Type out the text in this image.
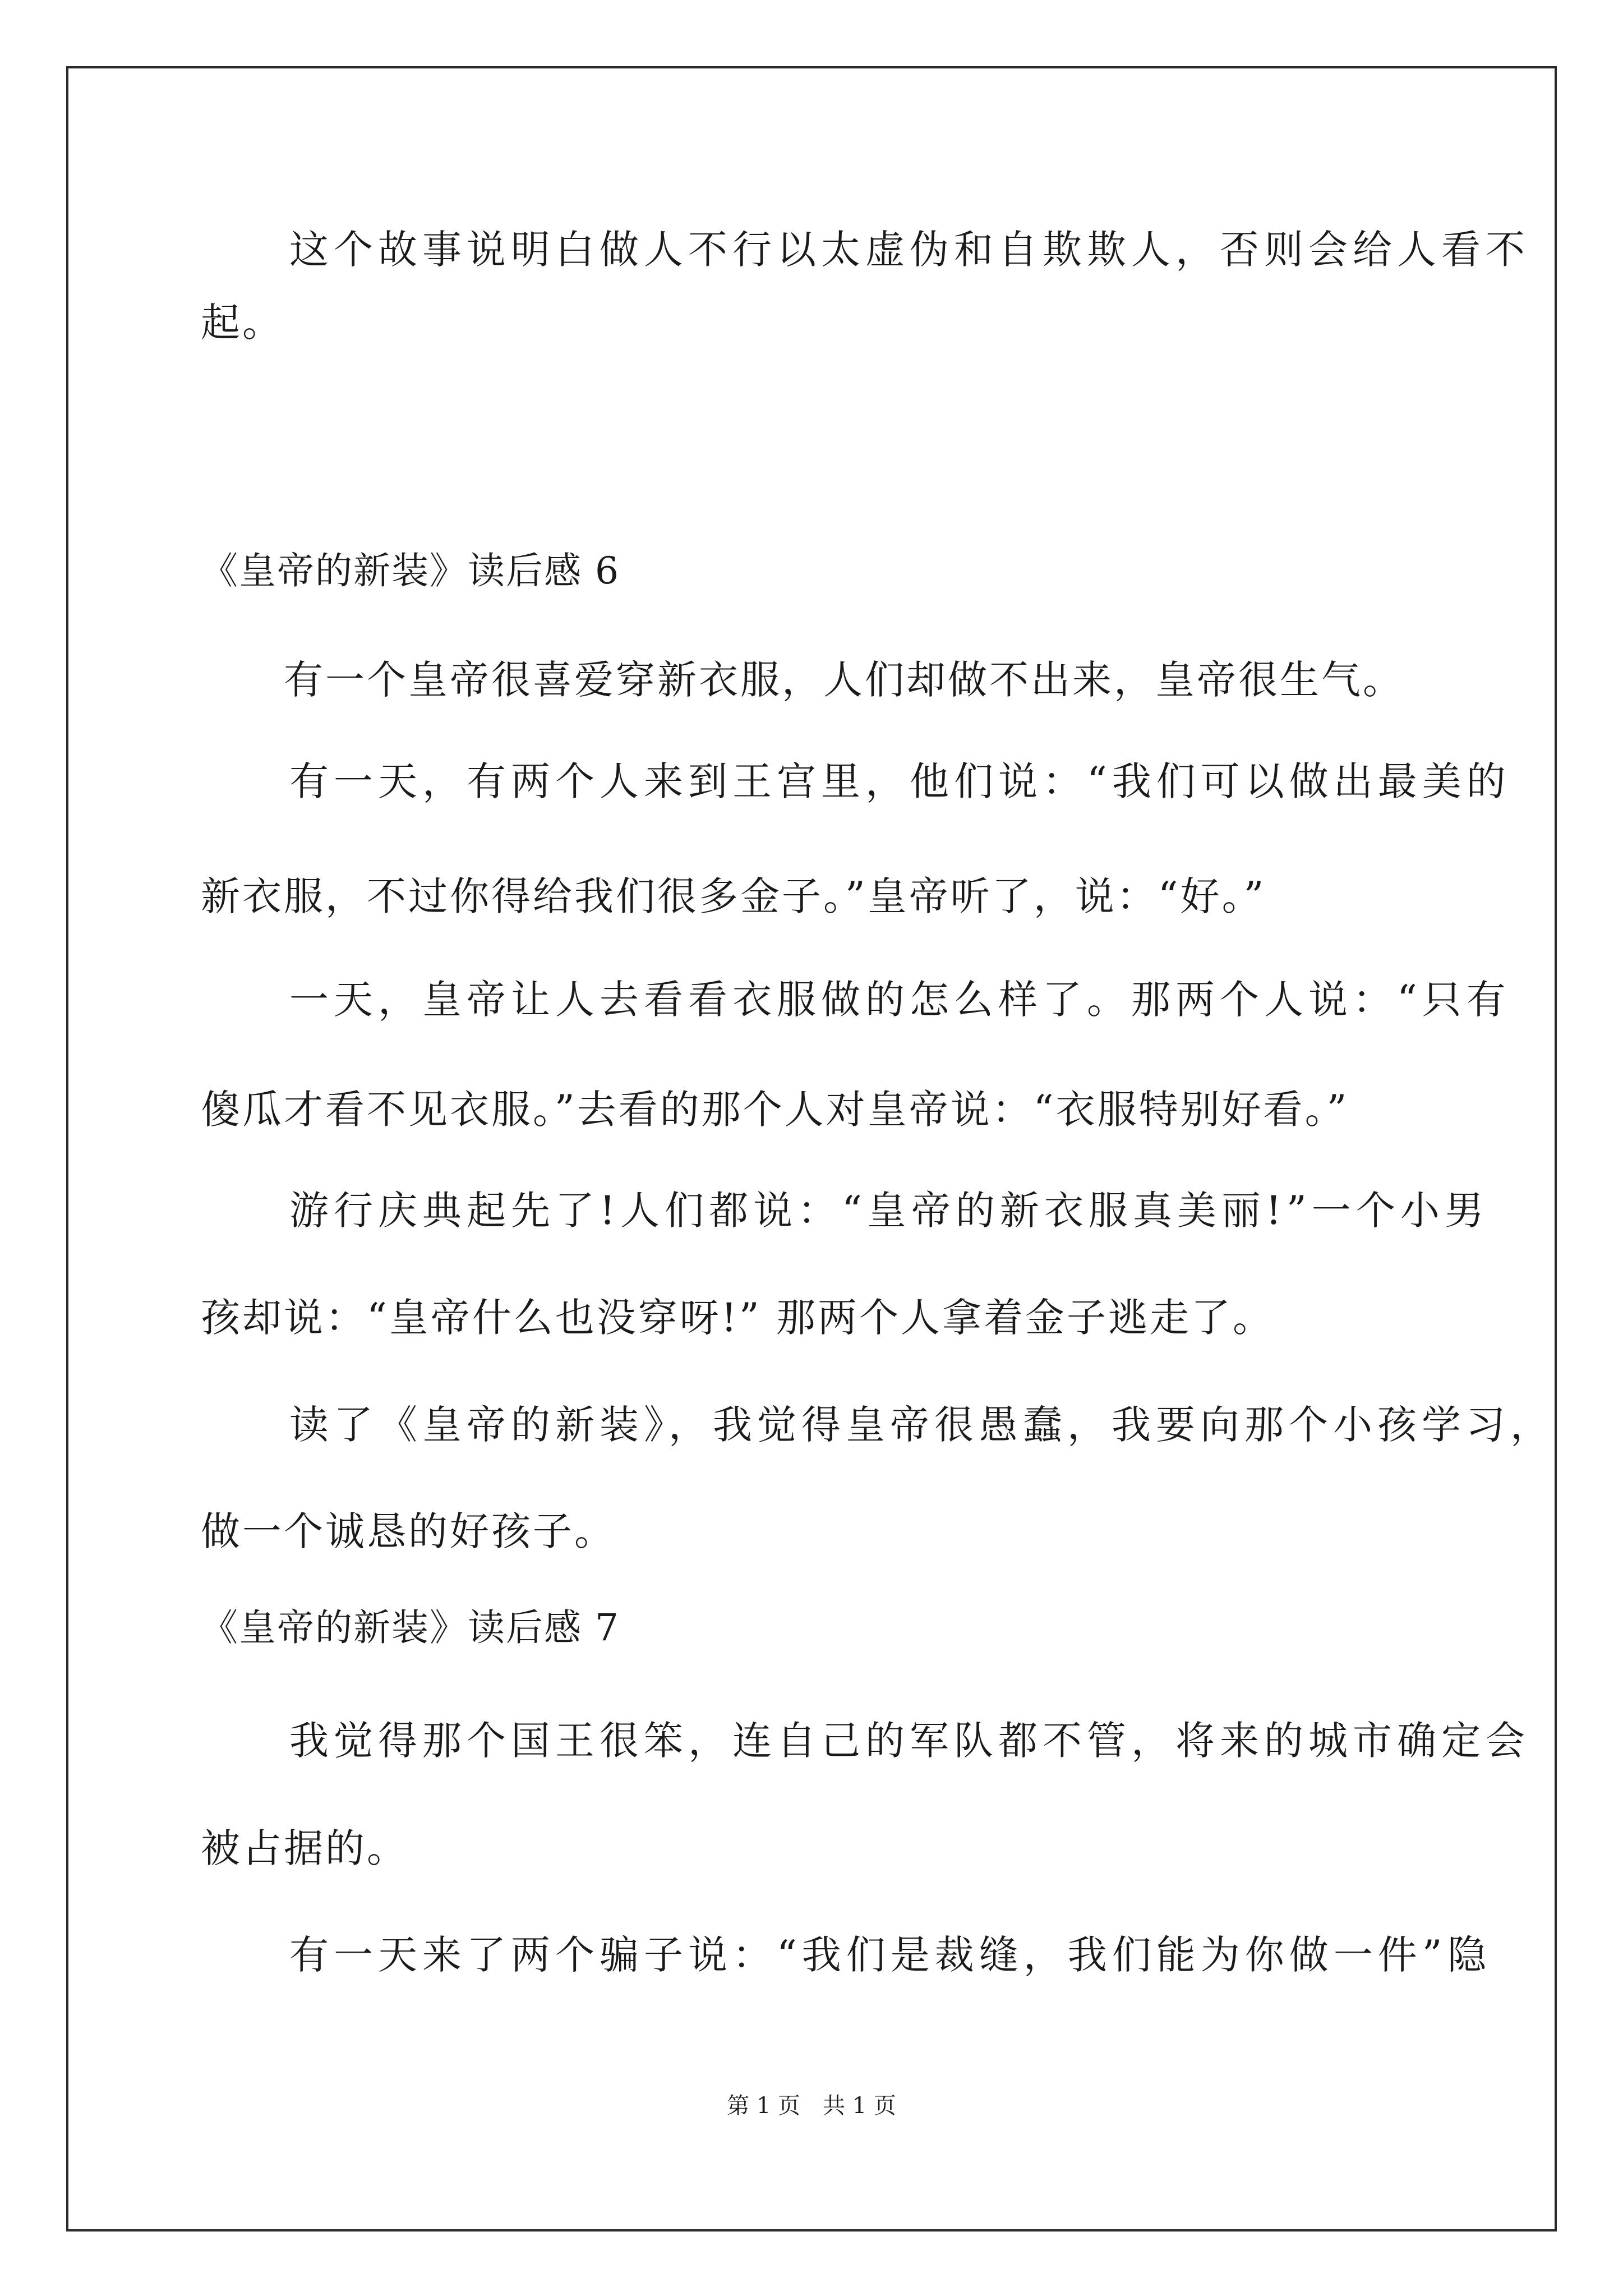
　　这个故事说明白做人不行以太虚伪和自欺欺人，否则会给人看不

起。

《皇帝的新装》读后感 6

　　有一个皇帝很喜爱穿新衣服，人们却做不出来，皇帝很生气。

　　有一天，有两个人来到王宫里，他们说：“我们可以做出最美的

新衣服，不过你得给我们很多金子。”皇帝听了，说：“好。”

　　一天，皇帝让人去看看衣服做的怎么样了。那两个人说：“只有

傻瓜才看不见衣服。”去看的那个人对皇帝说：“衣服特别好看。”

　　游行庆典起先了!人们都说：“皇帝的新衣服真美丽!”一个小男

孩却说：“皇帝什么也没穿呀!” 那两个人拿着金子逃走了。

　　读了《皇帝的新装》，我觉得皇帝很愚蠢，我要向那个小孩学习，

做一个诚恳的好孩子。

《皇帝的新装》读后感 7

　　我觉得那个国王很笨，连自己的军队都不管，将来的城市确定会

被占据的。

　　有一天来了两个骗子说：“我们是裁缝，我们能为你做一件”隐

第 1 页　共 1 页
